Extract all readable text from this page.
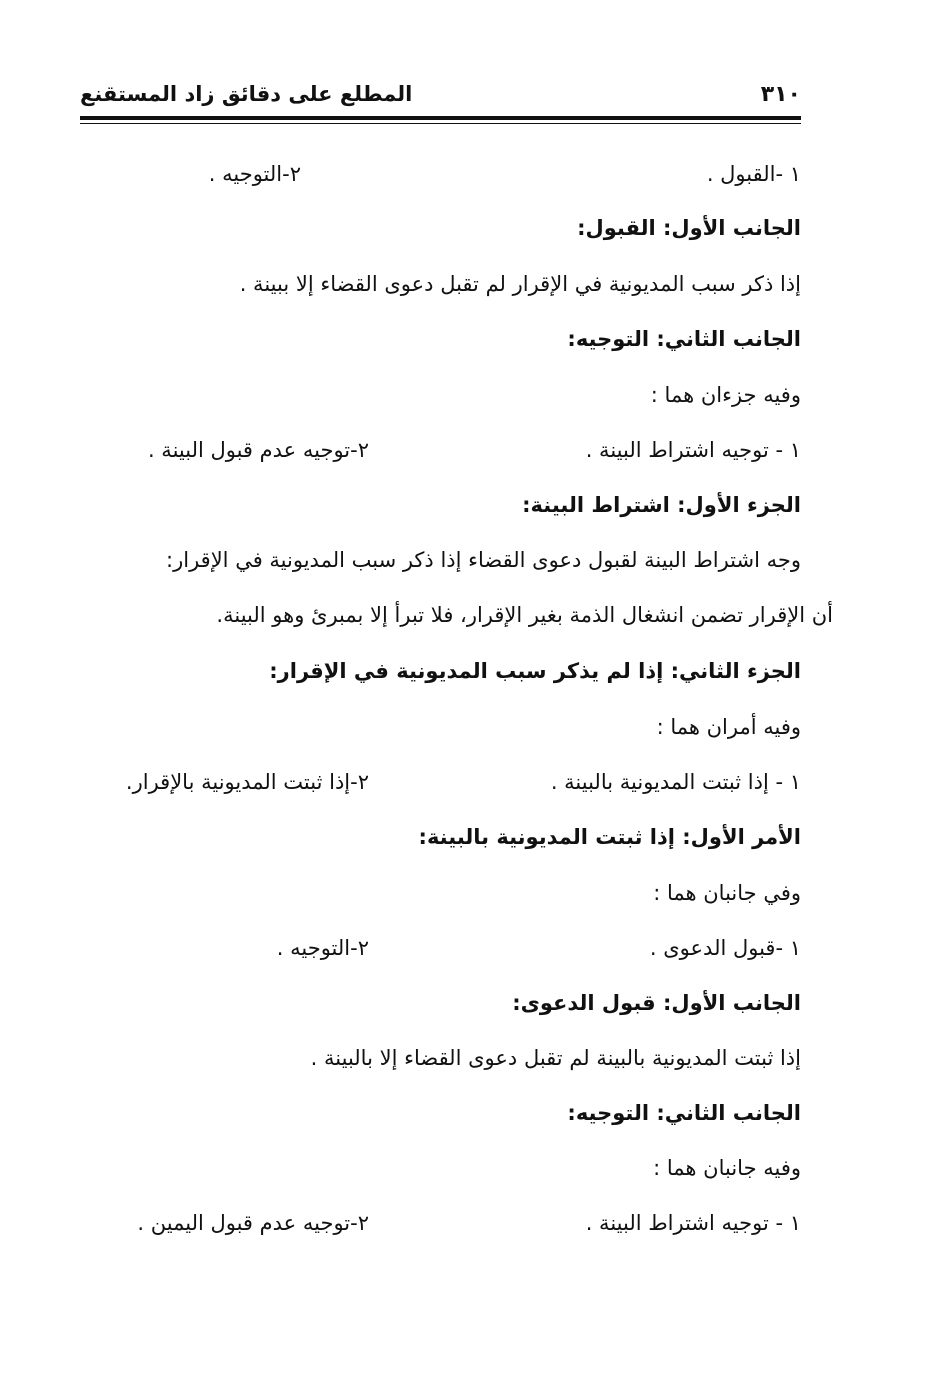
٣١٠
المطلع على دقائق زاد المستقنع
١ -القبول .
٢-التوجيه .
الجانب الأول: القبول:
إذا ذكر سبب المديونية في الإقرار لم تقبل دعوى القضاء إلا ببينة .
الجانب الثاني: التوجيه:
وفيه جزءان هما :
١ - توجيه اشتراط البينة .
٢-توجيه عدم قبول البينة .
الجزء الأول: اشتراط البينة:
وجه اشتراط البينة لقبول دعوى القضاء إذا ذكر سبب المديونية في الإقرار:
أن الإقرار تضمن انشغال الذمة بغير الإقرار، فلا تبرأ إلا بمبرئ وهو البينة.
الجزء الثاني: إذا لم يذكر سبب المديونية في الإقرار:
وفيه أمران هما :
١ - إذا ثبتت المديونية بالبينة .
٢-إذا ثبتت المديونية بالإقرار.
الأمر الأول: إذا ثبتت المديونية بالبينة:
وفي جانبان هما :
١ -قبول الدعوى .
٢-التوجيه .
الجانب الأول: قبول الدعوى:
إذا ثبتت المديونية بالبينة لم تقبل دعوى القضاء إلا بالبينة .
الجانب الثاني: التوجيه:
وفيه جانبان هما :
١ - توجيه اشتراط البينة .
٢-توجيه عدم قبول اليمين .
